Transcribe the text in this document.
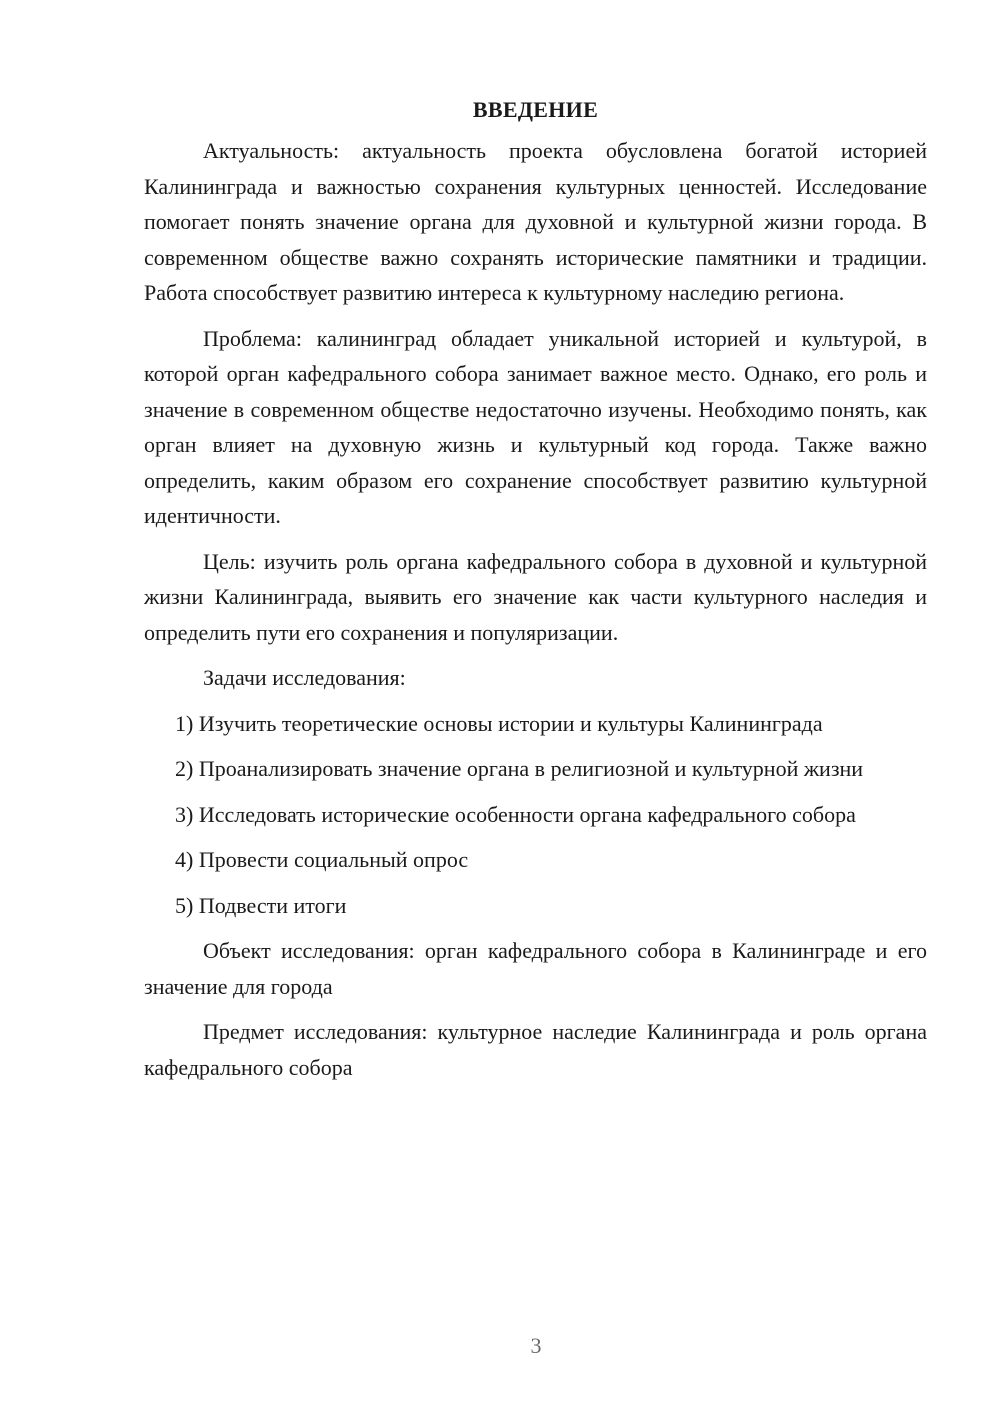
ВВЕДЕНИЕ

Актуальность: актуальность проекта обусловлена богатой историей Калининграда и важностью сохранения культурных ценностей. Исследование помогает понять значение органа для духовной и культурной жизни города. В современном обществе важно сохранять исторические памятники и традиции. Работа способствует развитию интереса к культурному наследию региона.

Проблема: калининград обладает уникальной историей и культурой, в которой орган кафедрального собора занимает важное место. Однако, его роль и значение в современном обществе недостаточно изучены. Необходимо понять, как орган влияет на духовную жизнь и культурный код города. Также важно определить, каким образом его сохранение способствует развитию культурной идентичности.

Цель: изучить роль органа кафедрального собора в духовной и культурной жизни Калининграда, выявить его значение как части культурного наследия и определить пути его сохранения и популяризации.

Задачи исследования:

1) Изучить теоретические основы истории и культуры Калининграда

2) Проанализировать значение органа в религиозной и культурной жизни

3) Исследовать исторические особенности органа кафедрального собора

4) Провести социальный опрос

5) Подвести итоги

Объект исследования: орган кафедрального собора в Калининграде и его значение для города

Предмет исследования: культурное наследие Калининграда и роль органа кафедрального собора

3
